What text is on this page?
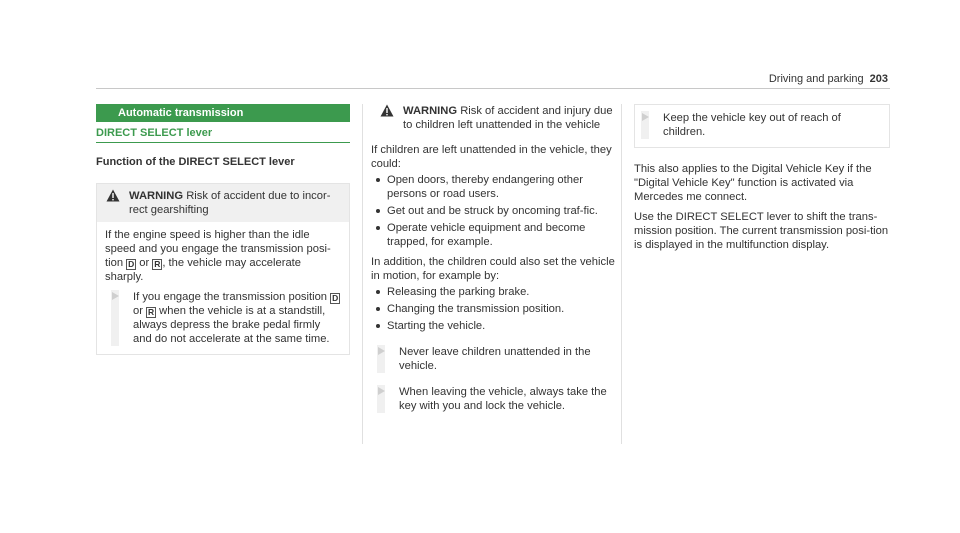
Driving and parking 203
Automatic transmission
DIRECT SELECT lever
Function of the DIRECT SELECT lever
WARNING Risk of accident due to incor-rect gearshifting
If the engine speed is higher than the idle speed and you engage the transmission posi-tion D or R , the vehicle may accelerate sharply.
If you engage the transmission position D or R when the vehicle is at a standstill, always depress the brake pedal firmly and do not accelerate at the same time.
WARNING Risk of accident and injury due to children left unattended in the vehicle
If children are left unattended in the vehicle, they could:
Open doors, thereby endangering other persons or road users.
Get out and be struck by oncoming traf-fic.
Operate vehicle equipment and become trapped, for example.
In addition, the children could also set the vehicle in motion, for example by:
Releasing the parking brake.
Changing the transmission position.
Starting the vehicle.
Never leave children unattended in the vehicle.
When leaving the vehicle, always take the key with you and lock the vehicle.
Keep the vehicle key out of reach of children.
This also applies to the Digital Vehicle Key if the "Digital Vehicle Key" function is activated via Mercedes me connect.
Use the DIRECT SELECT lever to shift the trans-mission position. The current transmission posi-tion is displayed in the multifunction display.
